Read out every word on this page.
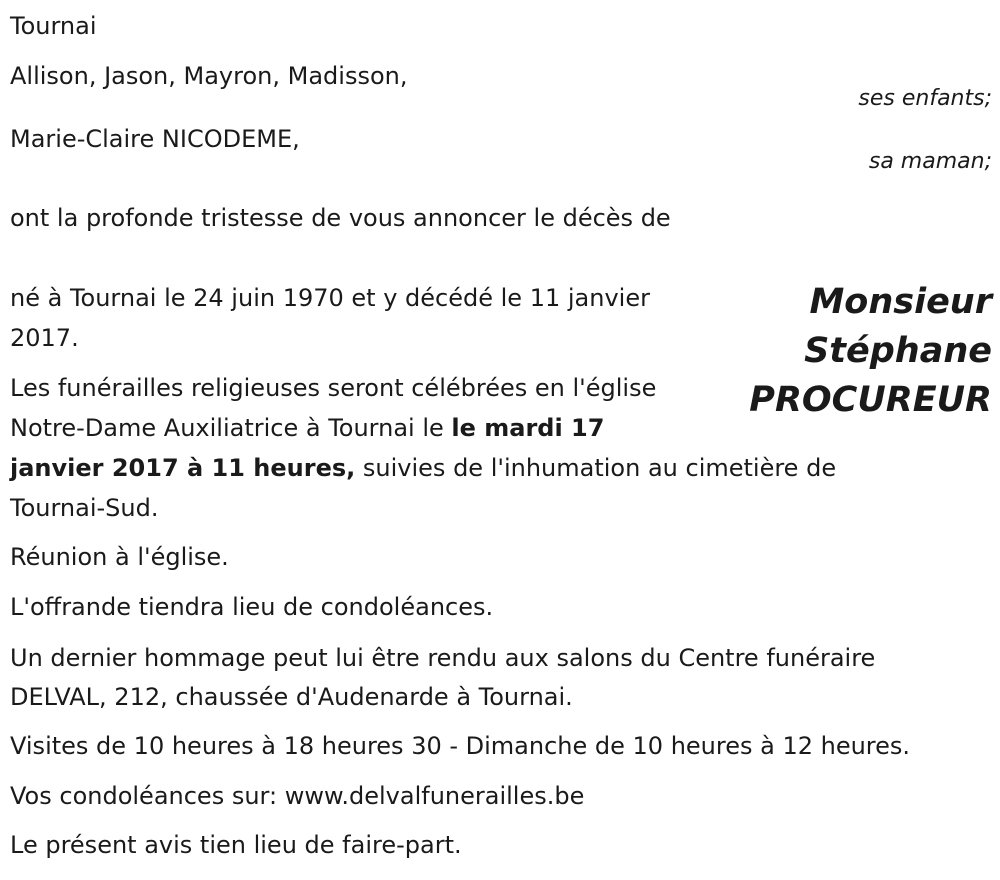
Tournai
Allison, Jason, Mayron, Madisson,
ses enfants;
Marie-Claire NICODEME,
sa maman;
ont la profonde tristesse de vous annoncer le décès de
Monsieur
Stéphane
PROCUREUR
né à Tournai le 24 juin 1970 et y décédé le 11 janvier
2017.
Les funérailles religieuses seront célébrées en l'église
Notre-Dame Auxiliatrice à Tournai le le mardi 17
janvier 2017 à 11 heures, suivies de l'inhumation au cimetière de
Tournai-Sud.
Réunion à l'église.
L'offrande tiendra lieu de condoléances.
Un dernier hommage peut lui être rendu aux salons du Centre funéraire
DELVAL, 212, chaussée d'Audenarde à Tournai.
Visites de 10 heures à 18 heures 30 - Dimanche de 10 heures à 12 heures.
Vos condoléances sur: www.delvalfunerailles.be
Le présent avis tien lieu de faire-part.
